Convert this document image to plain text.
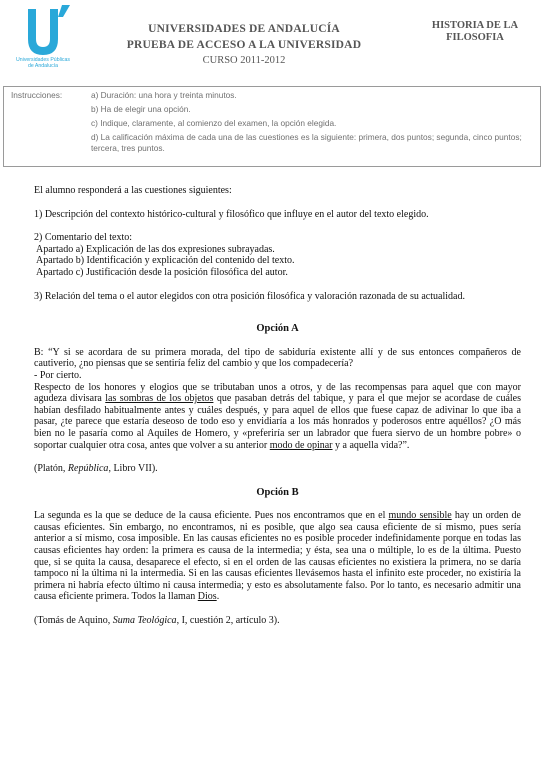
Universidades Públicas
de Andalucía
UNIVERSIDADES DE ANDALUCÍA
PRUEBA DE ACCESO A LA UNIVERSIDAD
CURSO 2011-2012
HISTORIA DE LA
FILOSOFIA
Instrucciones:	a) Duración: una hora y treinta minutos.
b) Ha de elegir una opción.
c) Indique, claramente, al comienzo del examen, la opción elegida.
d) La calificación máxima de cada una de las cuestiones es la siguiente: primera, dos puntos; segunda, cinco puntos; tercera, tres puntos.

El alumno responderá a las cuestiones siguientes:

1) Descripción del contexto histórico-cultural y filosófico que influye en el autor del texto elegido.

2) Comentario del texto:

Apartado a) Explicación de las dos expresiones subrayadas.

Apartado b) Identificación y explicación del contenido del texto.

Apartado c) Justificación desde la posición filosófica del autor.

3) Relación del tema o el autor elegidos con otra posición filosófica y valoración razonada de su actualidad.

Opción A

B: “Y si se acordara de su primera morada, del tipo de sabiduría existente allí y de sus entonces compañeros de cautiverio, ¿no piensas que se sentiría feliz del cambio y que los compadecería?

- Por cierto.

Respecto de los honores y elogios que se tributaban unos a otros, y de las recompensas para aquel que con mayor agudeza divisara las sombras de los objetos que pasaban detrás del tabique, y para el que mejor se acordase de cuáles habían desfilado habitualmente antes y cuáles después, y para aquel de ellos que fuese capaz de adivinar lo que iba a pasar, ¿te parece que estaría deseoso de todo eso y envidiaría a los más honrados y poderosos entre aquéllos? ¿O más bien no le pasaría como al Aquiles de Homero, y «preferiría ser un labrador que fuera siervo de un hombre pobre» o soportar cualquier otra cosa, antes que volver a su anterior modo de opinar y a aquella vida?”.

(Platón, República, Libro VII).

Opción B

La segunda es la que se deduce de la causa eficiente. Pues nos encontramos que en el mundo sensible hay un orden de causas eficientes. Sin embargo, no encontramos, ni es posible, que algo sea causa eficiente de sí mismo, pues sería anterior a sí mismo, cosa imposible. En las causas eficientes no es posible proceder indefinidamente porque en todas las causas eficientes hay orden: la primera es causa de la intermedia; y ésta, sea una o múltiple, lo es de la última. Puesto que, si se quita la causa, desaparece el efecto, si en el orden de las causas eficientes no existiera la primera, no se daría tampoco ni la última ni la intermedia. Si en las causas eficientes llevásemos hasta el infinito este proceder, no existiría la primera ni habría efecto último ni causa intermedia; y esto es absolutamente falso. Por lo tanto, es necesario admitir una causa eficiente primera. Todos la llaman Dios.

(Tomás de Aquino, Suma Teológica, I, cuestión 2, artículo 3).
